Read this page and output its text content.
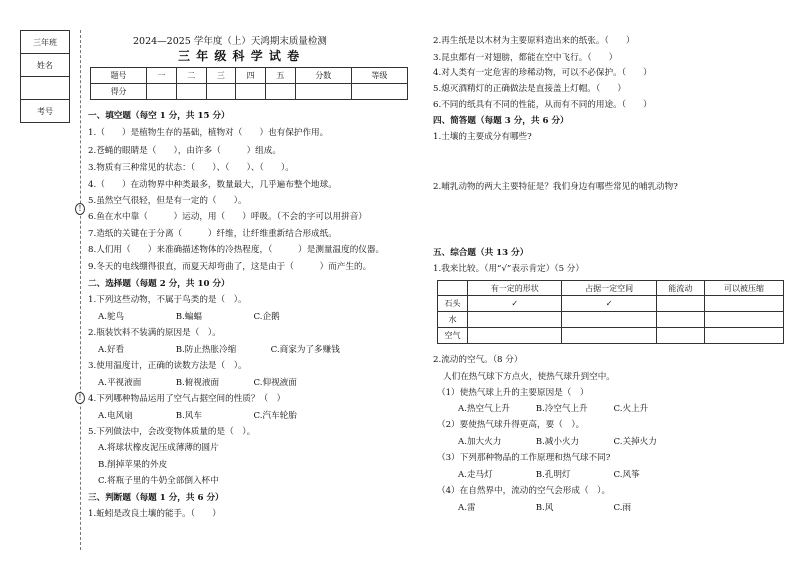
三年班
姓名

考号
!
!
2024—2025 学年度（上）天鸿期末质量检测
三 年 级 科 学 试 卷
题号	一	二	三	四	五	分数	等级
得分							
一、填空题（每空 1 分，共 15 分）
1.（　　）是植物生存的基础，植物对（　　）也有保护作用。
2.苍蝇的眼睛是（　　），由许多（　　　）组成。
3.物质有三种常见的状态：（　　）、（　　）、（　　）。
4.（　　）在动物界中种类最多，数量最大，几乎遍布整个地球。
5.虽然空气很轻，但是有一定的（　　）。
6.鱼在水中靠（　　　）运动，用（　　）呼吸。（不会的字可以用拼音）
7.造纸的关键在于分离（　　　）纤维，让纤维重新结合形成纸。
8.人们用（　　）来准确描述物体的冷热程度，（　　　）是测量温度的仪器。
9.冬天的电线绷得很直，而夏天却弯曲了，这是由于（　　　）而产生的。
二、选择题（每题 2 分，共 10 分）
1.下列这些动物，不属于鸟类的是（　）。
A.鸵鸟　　　　　　B.蝙蝠　　　　　　C.企鹅
2.瓶装饮料不装满的原因是（　）。
A.好看　　　　　　B.防止热胀冷缩　　　　C.商家为了多赚钱
3.使用温度计，正确的读数方法是（　）。
A.平视液面　　　　B.俯视液面　　　　C.仰视液面
4.下列哪种物品运用了空气占据空间的性质？（　）
A.电风扇　　　　　B.风车　　　　　　C.汽车轮胎
5.下列做法中，会改变物体质量的是（　）。
A.将球状橡皮泥压成薄薄的圆片
B.削掉苹果的外皮
C.将瓶子里的牛奶全部倒入杯中
三、判断题（每题 1 分，共 6 分）
1.蚯蚓是改良土壤的能手。（　　）
2.再生纸是以木材为主要原料造出来的纸张。（　　）
3.昆虫都有一对翅膀，都能在空中飞行。（　　）
4.对人类有一定危害的珍稀动物，可以不必保护。（　　）
5.熄灭酒精灯的正确做法是直接盖上灯帽。（　　）
6.不同的纸具有不同的性能，从而有不同的用途。（　　）
四、简答题（每题 3 分，共 6 分）
1.土壤的主要成分有哪些?
2.哺乳动物的两大主要特征是？我们身边有哪些常见的哺乳动物?
五、综合题（共 13 分）
1.我来比较。（用“√”表示肯定）（5 分）
	有一定的形状	占据一定空间	能流动	可以被压缩
石头	✓	✓		
水				
空气				
2.流动的空气。（8 分）
人们在热气球下方点火，使热气球升到空中。
（1）使热气球上升的主要原因是（　）
A.热空气上升　　　B.冷空气上升　　　C.火上升
（2）要使热气球升得更高，要（　）。
A.加大火力　　　　B.减小火力　　　　C.关掉火力
（3）下列那种物品的工作原理和热气球不同?
A.走马灯　　　　　B.孔明灯　　　　　C.风筝
（4）在自然界中，流动的空气会形成（　）。
A.雷　　　　　　　B.风　　　　　　　C.雨
